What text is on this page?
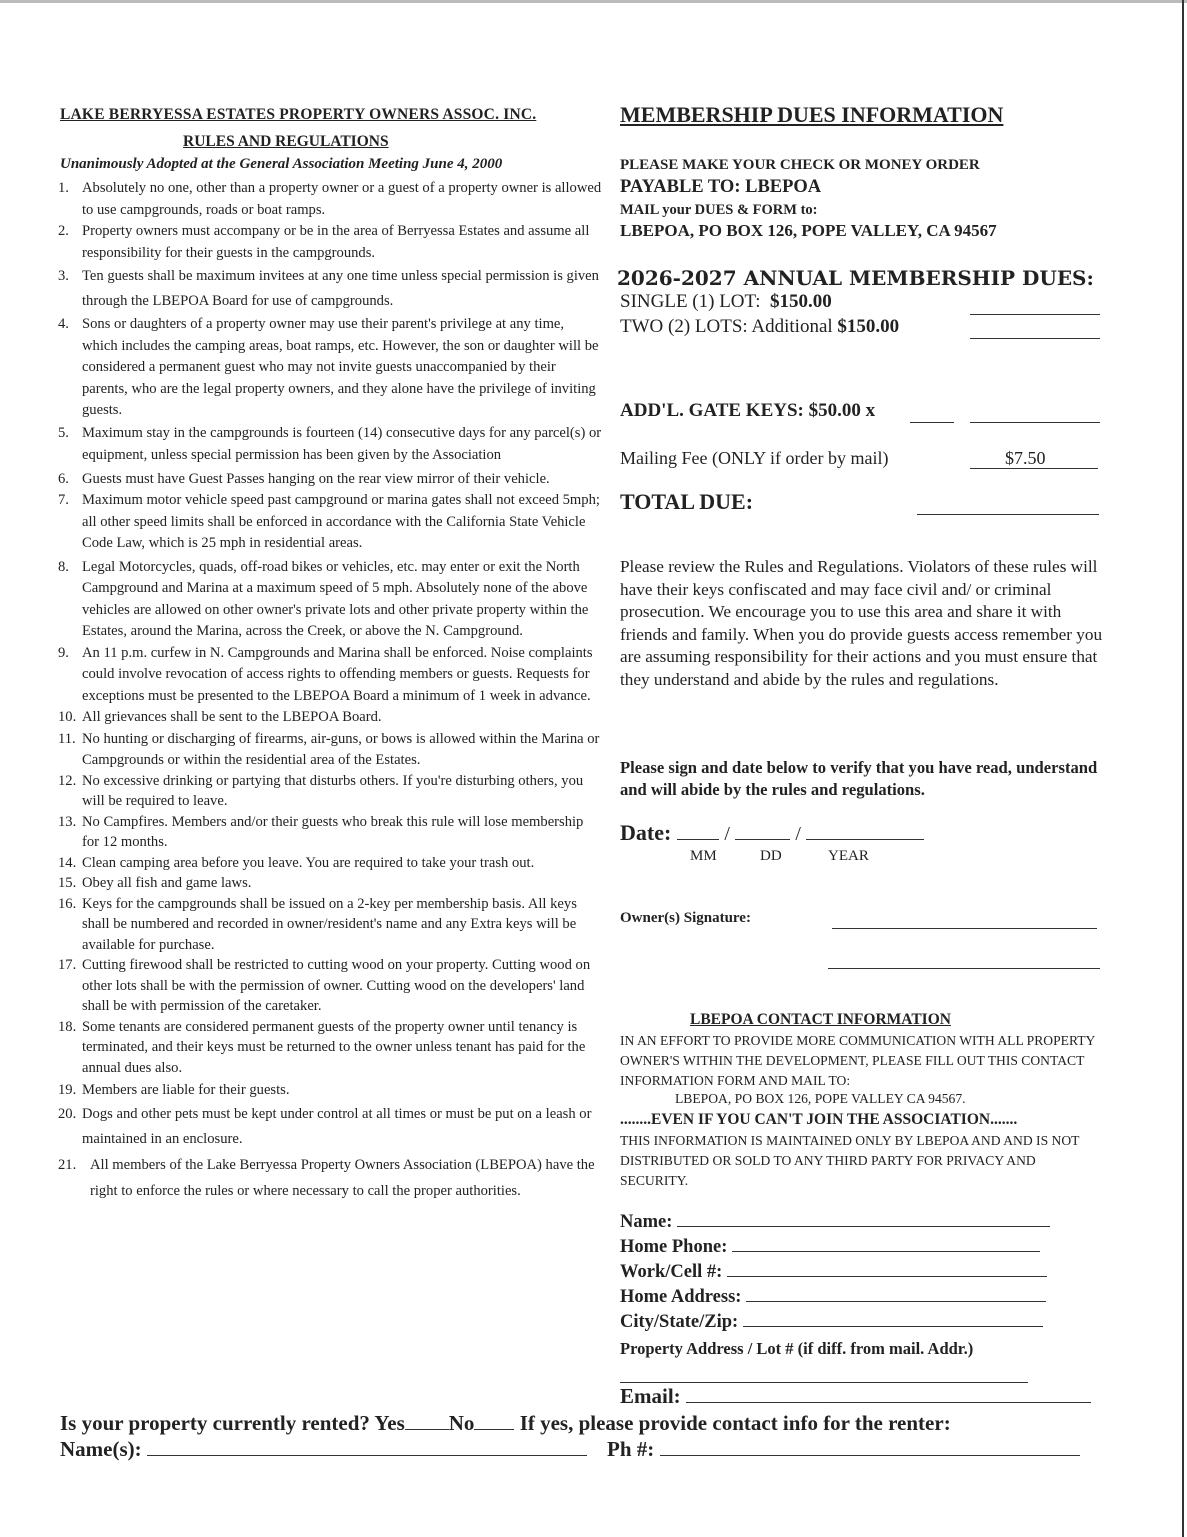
LAKE BERRYESSA ESTATES PROPERTY OWNERS ASSOC. INC.
RULES AND REGULATIONS
Unanimously Adopted at the General Association Meeting June 4, 2000
1. Absolutely no one, other than a property owner or a guest of a property owner is allowed to use campgrounds, roads or boat ramps.
2. Property owners must accompany or be in the area of Berryessa Estates and assume all responsibility for their guests in the campgrounds.
3. Ten guests shall be maximum invitees at any one time unless special permission is given through the LBEPOA Board for use of campgrounds.
4. Sons or daughters of a property owner may use their parent's privilege at any time, which includes the camping areas, boat ramps, etc. However, the son or daughter will be considered a permanent guest who may not invite guests unaccompanied by their parents, who are the legal property owners, and they alone have the privilege of inviting guests.
5. Maximum stay in the campgrounds is fourteen (14) consecutive days for any parcel(s) or equipment, unless special permission has been given by the Association
6. Guests must have Guest Passes hanging on the rear view mirror of their vehicle.
7. Maximum motor vehicle speed past campground or marina gates shall not exceed 5mph; all other speed limits shall be enforced in accordance with the California State Vehicle Code Law, which is 25 mph in residential areas.
8. Legal Motorcycles, quads, off-road bikes or vehicles, etc. may enter or exit the North Campground and Marina at a maximum speed of 5 mph. Absolutely none of the above vehicles are allowed on other owner's private lots and other private property within the Estates, around the Marina, across the Creek, or above the N. Campground.
9. An 11 p.m. curfew in N. Campgrounds and Marina shall be enforced. Noise complaints could involve revocation of access rights to offending members or guests. Requests for exceptions must be presented to the LBEPOA Board a minimum of 1 week in advance.
10. All grievances shall be sent to the LBEPOA Board.
11. No hunting or discharging of firearms, air-guns, or bows is allowed within the Marina or Campgrounds or within the residential area of the Estates.
12. No excessive drinking or partying that disturbs others. If you're disturbing others, you will be required to leave.
13. No Campfires. Members and/or their guests who break this rule will lose membership for 12 months.
14. Clean camping area before you leave. You are required to take your trash out.
15. Obey all fish and game laws.
16. Keys for the campgrounds shall be issued on a 2-key per membership basis. All keys shall be numbered and recorded in owner/resident's name and any Extra keys will be available for purchase.
17. Cutting firewood shall be restricted to cutting wood on your property. Cutting wood on other lots shall be with the permission of owner. Cutting wood on the developers' land shall be with permission of the caretaker.
18. Some tenants are considered permanent guests of the property owner until tenancy is terminated, and their keys must be returned to the owner unless tenant has paid for the annual dues also.
19. Members are liable for their guests.
20. Dogs and other pets must be kept under control at all times or must be put on a leash or maintained in an enclosure.
21. All members of the Lake Berryessa Property Owners Association (LBEPOA) have the right to enforce the rules or where necessary to call the proper authorities.
MEMBERSHIP DUES INFORMATION
PLEASE MAKE YOUR CHECK OR MONEY ORDER
PAYABLE TO: LBEPOA
MAIL your DUES & FORM to:
LBEPOA, PO BOX 126, POPE VALLEY, CA 94567
2026-2027 ANNUAL MEMBERSHIP DUES:
SINGLE (1) LOT: $150.00
TWO (2) LOTS: Additional $150.00
ADD'L. GATE KEYS: $50.00 x
Mailing Fee (ONLY if order by mail)	$7.50
TOTAL DUE:
Please review the Rules and Regulations. Violators of these rules will have their keys confiscated and may face civil and/ or criminal prosecution. We encourage you to use this area and share it with friends and family. When you do provide guests access remember you are assuming responsibility for their actions and you must ensure that they understand and abide by the rules and regulations.
Please sign and date below to verify that you have read, understand and will abide by the rules and regulations.
Date:	/	/
MM	DD	YEAR
Owner(s) Signature:
LBEPOA CONTACT INFORMATION
IN AN EFFORT TO PROVIDE MORE COMMUNICATION WITH ALL PROPERTY OWNER'S WITHIN THE DEVELOPMENT, PLEASE FILL OUT THIS CONTACT INFORMATION FORM AND MAIL TO:
LBEPOA, PO BOX 126, POPE VALLEY CA 94567.
........EVEN IF YOU CAN'T JOIN THE ASSOCIATION.......
THIS INFORMATION IS MAINTAINED ONLY BY LBEPOA AND AND IS NOT DISTRIBUTED OR SOLD TO ANY THIRD PARTY FOR PRIVACY AND SECURITY.
Name:
Home Phone:
Work/Cell #:
Home Address:
City/State/Zip:
Property Address / Lot # (if diff. from mail. Addr.)
Email:
Is your property currently rented? Yes No If yes, please provide contact info for the renter:
Name(s):	Ph #:
